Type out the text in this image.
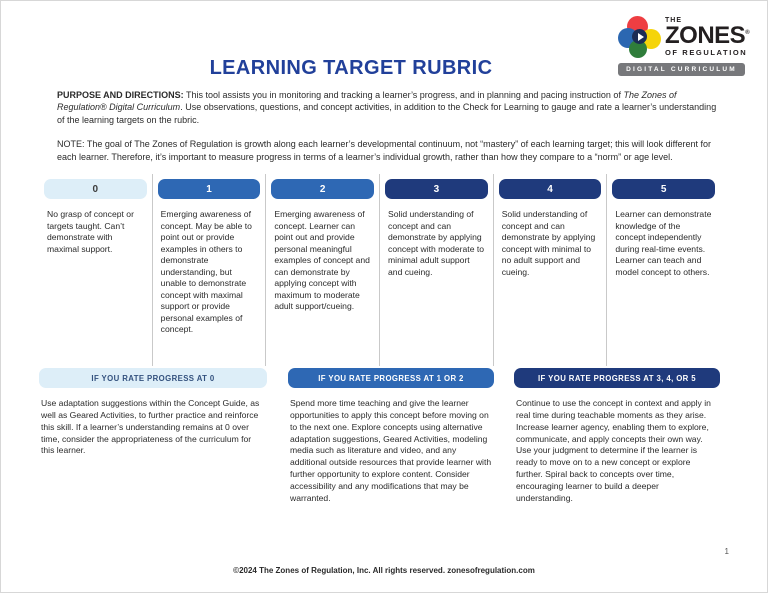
THE
ZONES®
OF REGULATION
DIGITAL CURRICULUM
LEARNING TARGET RUBRIC

PURPOSE AND DIRECTIONS: This tool assists you in monitoring and tracking a learner’s progress, and in planning and pacing instruction of The Zones of Regulation® Digital Curriculum. Use observations, questions, and concept activities, in addition to the Check for Learning to gauge and rate a learner’s understanding of the learning targets on the rubric.

NOTE: The goal of The Zones of Regulation is growth along each learner’s developmental continuum, not “mastery” of each learning target; this will look different for each learner. Therefore, it’s important to measure progress in terms of a learner’s individual growth, rather than how they compare to a “norm” or age level.

0
No grasp of concept or targets taught. Can’t demonstrate with maximal support.
1
Emerging awareness of concept. May be able to point out or provide examples in others to demonstrate understanding, but unable to demonstrate concept with maximal support or provide personal examples of concept.
2
Emerging awareness of concept. Learner can point out and provide personal meaningful examples of concept and can demonstrate by applying concept with maximum to moderate adult support/cueing.
3
Solid understanding of concept and can demonstrate by applying concept with moderate to minimal adult support and cueing.
4
Solid understanding of concept and can demonstrate by applying concept with minimal to no adult support and cueing.
5
Learner can demonstrate knowledge of the concept independently during real-time events. Learner can teach and model concept to others.
IF YOU RATE PROGRESS AT 0
Use adaptation suggestions within the Concept Guide, as well as Geared Activities, to further practice and reinforce this skill. If a learner’s understanding remains at 0 over time, consider the appropriateness of the curriculum for this learner.
IF YOU RATE PROGRESS AT 1 OR 2
Spend more time teaching and give the learner opportunities to apply this concept before moving on to the next one. Explore concepts using alternative adaptation suggestions, Geared Activities, modeling media such as literature and video, and any additional outside resources that provide learner with further opportunity to explore content. Consider accessibility and any modifications that may be warranted.
IF YOU RATE PROGRESS AT 3, 4, OR 5
Continue to use the concept in context and apply in real time during teachable moments as they arise. Increase learner agency, enabling them to explore, communicate, and apply concepts their own way. Use your judgment to determine if the learner is ready to move on to a new concept or explore further. Spiral back to concepts over time, encouraging learner to build a deeper understanding.
1
©2024 The Zones of Regulation, Inc. All rights reserved. zonesofregulation.com
